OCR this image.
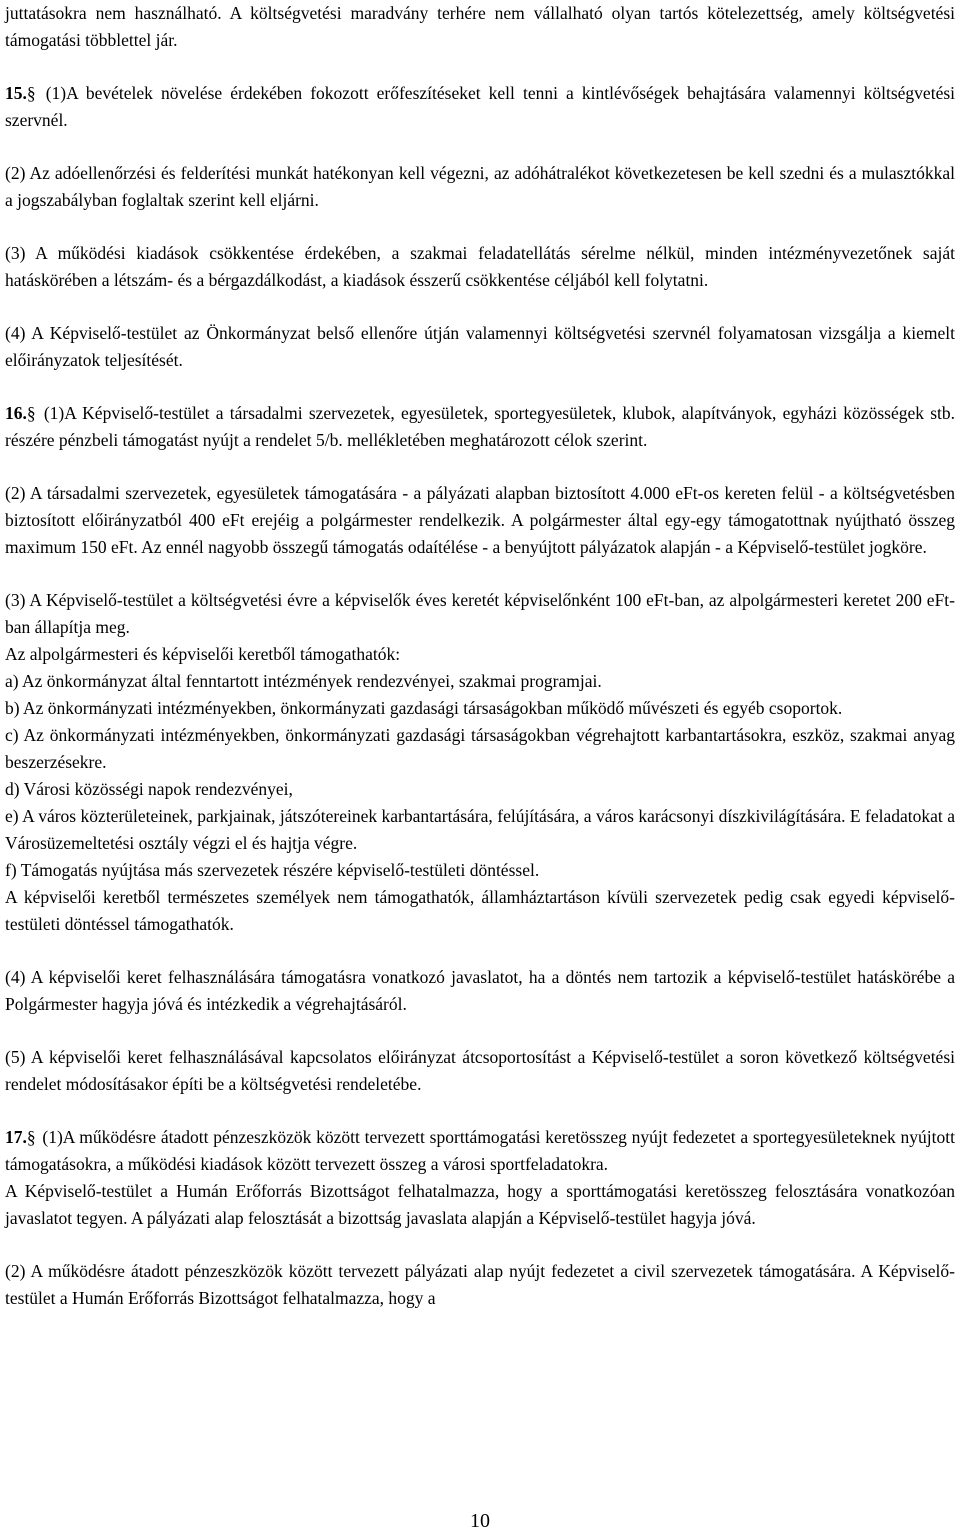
juttatásokra nem használható. A költségvetési maradvány terhére nem vállalható olyan tartós kötelezettség, amely költségvetési támogatási többlettel jár.

15.§ (1)A bevételek növelése érdekében fokozott erőfeszítéseket kell tenni a kintlévőségek behajtására valamennyi költségvetési szervnél.

(2) Az adóellenőrzési és felderítési munkát hatékonyan kell végezni, az adóhátralékot következetesen be kell szedni és a mulasztókkal a jogszabályban foglaltak szerint kell eljárni.

(3) A működési kiadások csökkentése érdekében, a szakmai feladatellátás sérelme nélkül, minden intézményvezetőnek saját hatáskörében a létszám- és a bérgazdálkodást, a kiadások ésszerű csökkentése céljából kell folytatni.

(4) A Képviselő-testület az Önkormányzat belső ellenőre útján valamennyi költségvetési szervnél folyamatosan vizsgálja a kiemelt előirányzatok teljesítését.

16.§ (1)A Képviselő-testület a társadalmi szervezetek, egyesületek, sportegyesületek, klubok, alapítványok, egyházi közösségek stb. részére pénzbeli támogatást nyújt a rendelet 5/b. mellékletében meghatározott célok szerint.

(2) A társadalmi szervezetek, egyesületek támogatására - a pályázati alapban biztosított 4.000 eFt-os kereten felül - a költségvetésben biztosított előirányzatból 400 eFt erejéig a polgármester rendelkezik. A polgármester által egy-egy támogatottnak nyújtható összeg maximum 150 eFt. Az ennél nagyobb összegű támogatás odaítélése - a benyújtott pályázatok alapján - a Képviselő-testület jogköre.

(3) A Képviselő-testület a költségvetési évre a képviselők éves keretét képviselőnként 100 eFt-ban, az alpolgármesteri keretet 200 eFt-ban állapítja meg.

Az alpolgármesteri és képviselői keretből támogathatók:

a) Az önkormányzat által fenntartott intézmények rendezvényei, szakmai programjai.

b) Az önkormányzati intézményekben, önkormányzati gazdasági társaságokban működő művészeti és egyéb csoportok.

c) Az önkormányzati intézményekben, önkormányzati gazdasági társaságokban végrehajtott karbantartásokra, eszköz, szakmai anyag beszerzésekre.

d) Városi közösségi napok rendezvényei,

e) A város közterületeinek, parkjainak, játszótereinek karbantartására, felújítására, a város karácsonyi díszkivilágítására. E feladatokat a Városüzemeltetési osztály végzi el és hajtja végre.

f) Támogatás nyújtása más szervezetek részére képviselő-testületi döntéssel.

A képviselői keretből természetes személyek nem támogathatók, államháztartáson kívüli szervezetek pedig csak egyedi képviselő-testületi döntéssel támogathatók.

(4) A képviselői keret felhasználására támogatásra vonatkozó javaslatot, ha a döntés nem tartozik a képviselő-testület hatáskörébe a Polgármester hagyja jóvá és intézkedik a végrehajtásáról.

(5) A képviselői keret felhasználásával kapcsolatos előirányzat átcsoportosítást a Képviselő-testület a soron következő költségvetési rendelet módosításakor építi be a költségvetési rendeletébe.

17.§ (1)A működésre átadott pénzeszközök között tervezett sporttámogatási keretösszeg nyújt fedezetet a sportegyesületeknek nyújtott támogatásokra, a működési kiadások között tervezett összeg a városi sportfeladatokra.

A Képviselő-testület a Humán Erőforrás Bizottságot felhatalmazza, hogy a sporttámogatási keretösszeg felosztására vonatkozóan javaslatot tegyen. A pályázati alap felosztását a bizottság javaslata alapján a Képviselő-testület hagyja jóvá.

(2) A működésre átadott pénzeszközök között tervezett pályázati alap nyújt fedezetet a civil szervezetek támogatására. A Képviselő-testület a Humán Erőforrás Bizottságot felhatalmazza, hogy a

10
